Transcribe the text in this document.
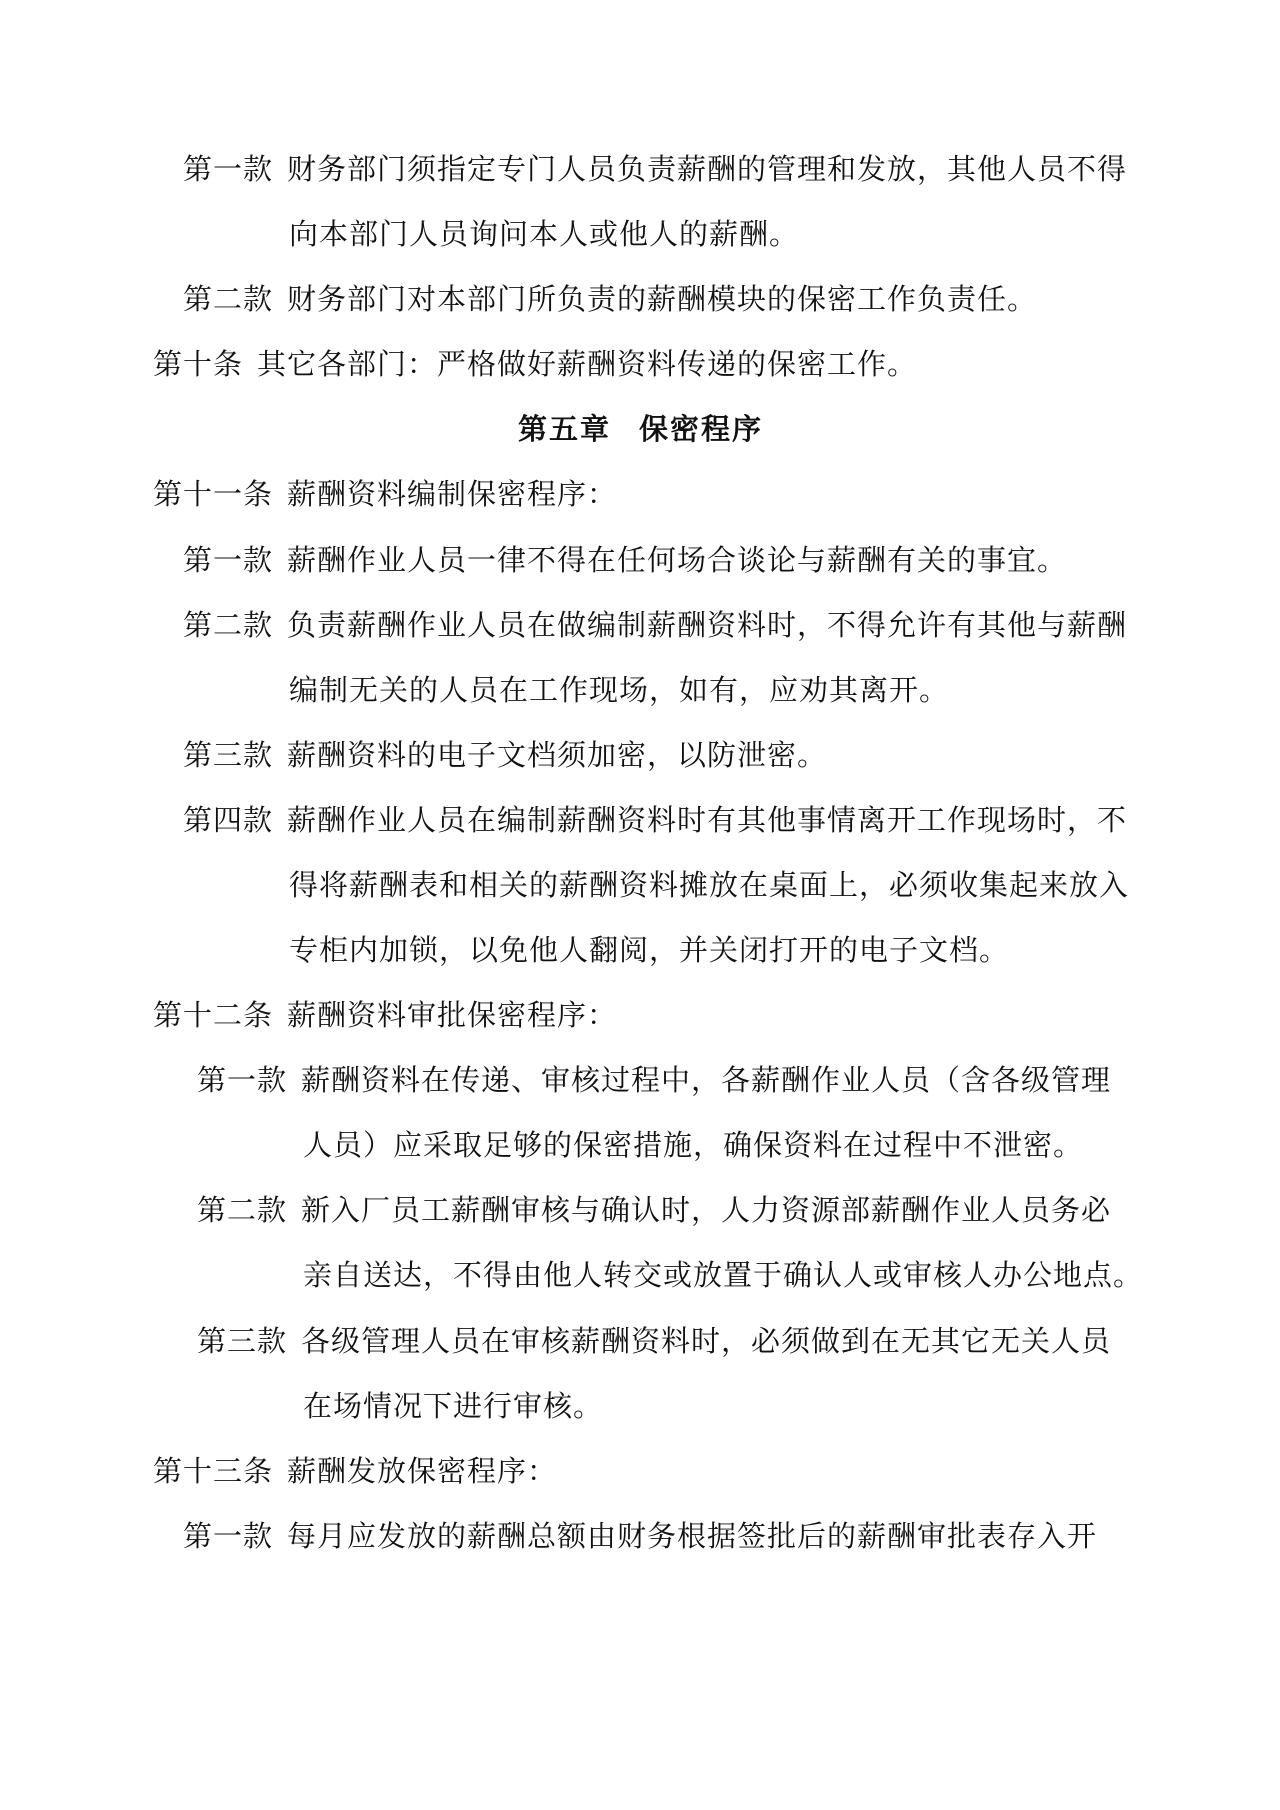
第一款 财务部门须指定专门人员负责薪酬的管理和发放，其他人员不得
向本部门人员询问本人或他人的薪酬。
第二款 财务部门对本部门所负责的薪酬模块的保密工作负责任。
第十条 其它各部门：严格做好薪酬资料传递的保密工作。
第五章 保密程序
第十一条 薪酬资料编制保密程序：
第一款 薪酬作业人员一律不得在任何场合谈论与薪酬有关的事宜。
第二款 负责薪酬作业人员在做编制薪酬资料时，不得允许有其他与薪酬
编制无关的人员在工作现场，如有，应劝其离开。
第三款 薪酬资料的电子文档须加密，以防泄密。
第四款 薪酬作业人员在编制薪酬资料时有其他事情离开工作现场时，不
得将薪酬表和相关的薪酬资料摊放在桌面上，必须收集起来放入
专柜内加锁，以免他人翻阅，并关闭打开的电子文档。
第十二条 薪酬资料审批保密程序：
第一款 薪酬资料在传递、审核过程中，各薪酬作业人员（含各级管理
人员）应采取足够的保密措施，确保资料在过程中不泄密。
第二款 新入厂员工薪酬审核与确认时，人力资源部薪酬作业人员务必
亲自送达，不得由他人转交或放置于确认人或审核人办公地点。
第三款 各级管理人员在审核薪酬资料时，必须做到在无其它无关人员
在场情况下进行审核。
第十三条 薪酬发放保密程序：
第一款 每月应发放的薪酬总额由财务根据签批后的薪酬审批表存入开
